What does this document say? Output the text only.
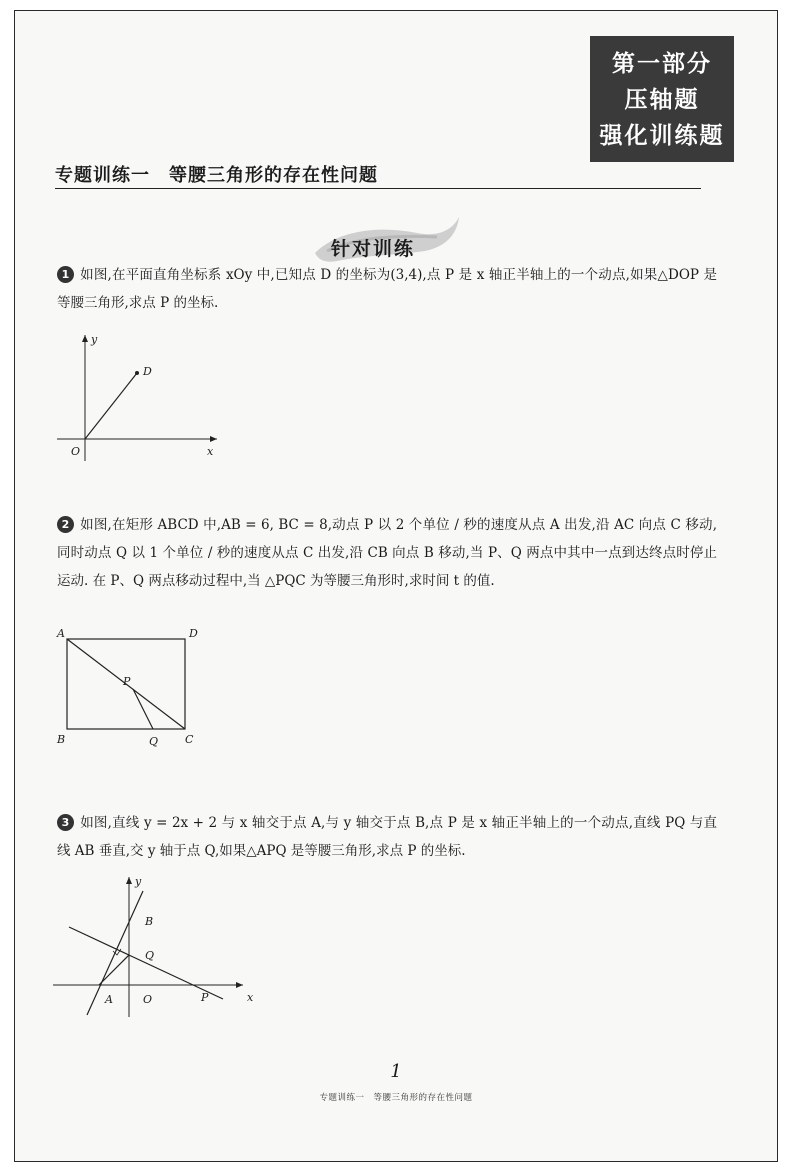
第一部分
压轴题
强化训练题
专题训练一　等腰三角形的存在性问题
针对训练
1 如图,在平面直角坐标系 xOy 中,已知点 D 的坐标为(3,4),点 P 是 x 轴正半轴上的一个动点,如果△DOP 是等腰三角形,求点 P 的坐标.
y
x
O
D
2 如图,在矩形 ABCD 中,AB = 6, BC = 8,动点 P 以 2 个单位 / 秒的速度从点 A 出发,沿 AC 向点 C 移动,同时动点 Q 以 1 个单位 / 秒的速度从点 C 出发,沿 CB 向点 B 移动,当 P、Q 两点中其中一点到达终点时停止运动. 在 P、Q 两点移动过程中,当 △PQC 为等腰三角形时,求时间 t 的值.
A	D
B	C
P
Q
3 如图,直线 y = 2x + 2 与 x 轴交于点 A,与 y 轴交于点 B,点 P 是 x 轴正半轴上的一个动点,直线 PQ 与直线 AB 垂直,交 y 轴于点 Q,如果△APQ 是等腰三角形,求点 P 的坐标.
y
x
O
A
B
Q
P
1
专题训练一　等腰三角形的存在性问题
